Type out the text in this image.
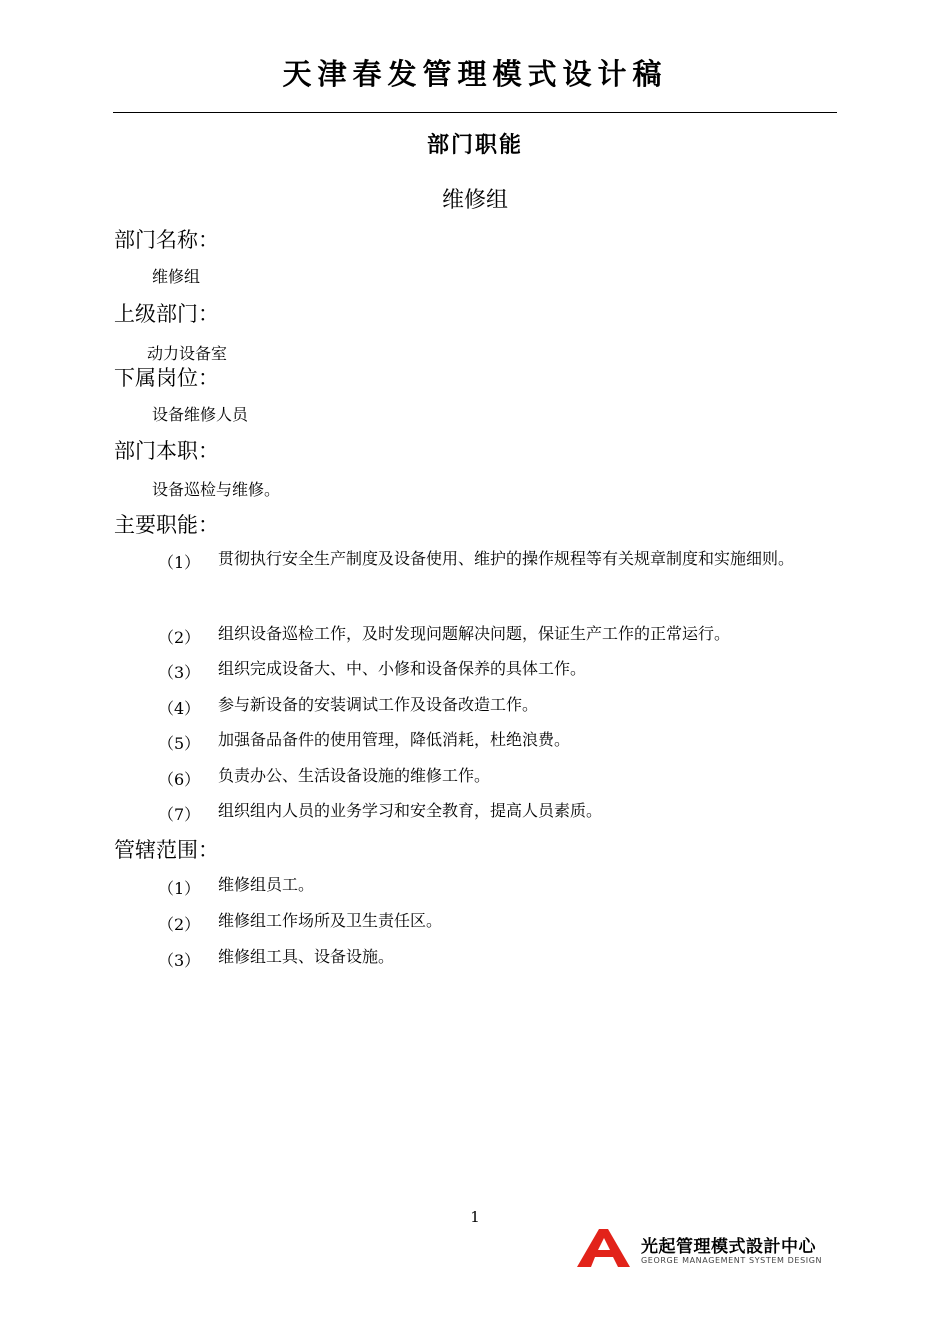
天津春发管理模式设计稿
部门职能
维修组
部门名称：
维修组
上级部门：
动力设备室
下属岗位：
设备维修人员
部门本职：
设备巡检与维修。
主要职能：
（1） 贯彻执行安全生产制度及设备使用、维护的操作规程等有关规章制度和实施细则。
（2） 组织设备巡检工作，及时发现问题解决问题，保证生产工作的正常运行。
（3） 组织完成设备大、中、小修和设备保养的具体工作。
（4） 参与新设备的安装调试工作及设备改造工作。
（5） 加强备品备件的使用管理，降低消耗，杜绝浪费。
（6） 负责办公、生活设备设施的维修工作。
（7） 组织组内人员的业务学习和安全教育，提高人员素质。
管辖范围：
（1） 维修组员工。
（2） 维修组工作场所及卫生责任区。
（3） 维修组工具、设备设施。
1
光起管理模式設計中心
GEORGE MANAGEMENT SYSTEM DESIGN
